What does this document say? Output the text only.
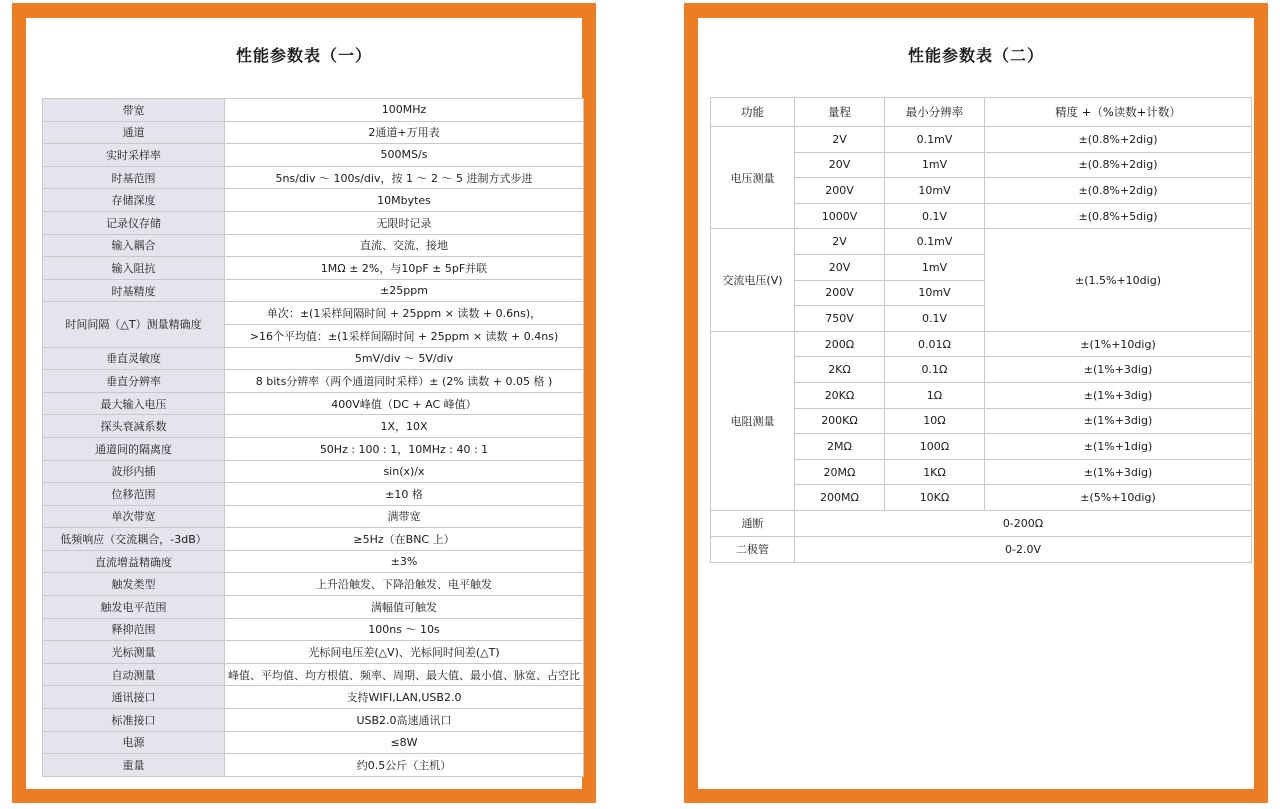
性能参数表（一）
带宽	100MHz
通道	2通道+万用表
实时采样率	500MS/s
时基范围	5ns/div ～ 100s/div，按 1 ～ 2 ～ 5 进制方式步进
存储深度	10Mbytes
记录仪存储	无限时记录
输入耦合	直流、交流、接地
输入阻抗	1MΩ ± 2%，与10pF ± 5pF并联
时基精度	±25ppm
时间间隔（△T）测量精确度	单次：±(1采样间隔时间 + 25ppm × 读数 + 0.6ns)，
	>16个平均值：±(1采样间隔时间 + 25ppm × 读数 + 0.4ns)
垂直灵敏度	5mV/div ～ 5V/div
垂直分辨率	8 bits分辨率（两个通道同时采样）± (2% 读数 + 0.05 格 )
最大输入电压	400V峰值（DC + AC 峰值）
探头衰减系数	1X，10X
通道间的隔离度	50Hz : 100 : 1，10MHz : 40 : 1
波形内插	sin(x)/x
位移范围	±10 格
单次带宽	满带宽
低频响应（交流耦合，-3dB）	≥5Hz（在BNC 上）
直流增益精确度	±3%
触发类型	上升沿触发、下降沿触发、电平触发
触发电平范围	满幅值可触发
释抑范围	100ns ～ 10s
光标测量	光标间电压差(△V)、光标间时间差(△T)
自动测量	峰值、平均值、均方根值、频率、周期、最大值、最小值、脉宽、占空比
通讯接口	支持WIFI,LAN,USB2.0
标准接口	USB2.0高速通讯口
电源	≤8W
重量	约0.5公斤（主机）
性能参数表（二）
功能	量程	最小分辨率	精度 +（%读数+计数）
电压测量	2V	0.1mV	±(0.8%+2dig)
	20V	1mV	±(0.8%+2dig)
	200V	10mV	±(0.8%+2dig)
	1000V	0.1V	±(0.8%+5dig)
交流电压(V)	2V	0.1mV	±(1.5%+10dig)
	20V	1mV	
	200V	10mV	
	750V	0.1V	
电阻测量	200Ω	0.01Ω	±(1%+10dig)
	2KΩ	0.1Ω	±(1%+3dig)
	20KΩ	1Ω	±(1%+3dig)
	200KΩ	10Ω	±(1%+3dig)
	2MΩ	100Ω	±(1%+1dig)
	20MΩ	1KΩ	±(1%+3dig)
	200MΩ	10KΩ	±(5%+10dig)
通断	0-200Ω		
二极管	0-2.0V		
